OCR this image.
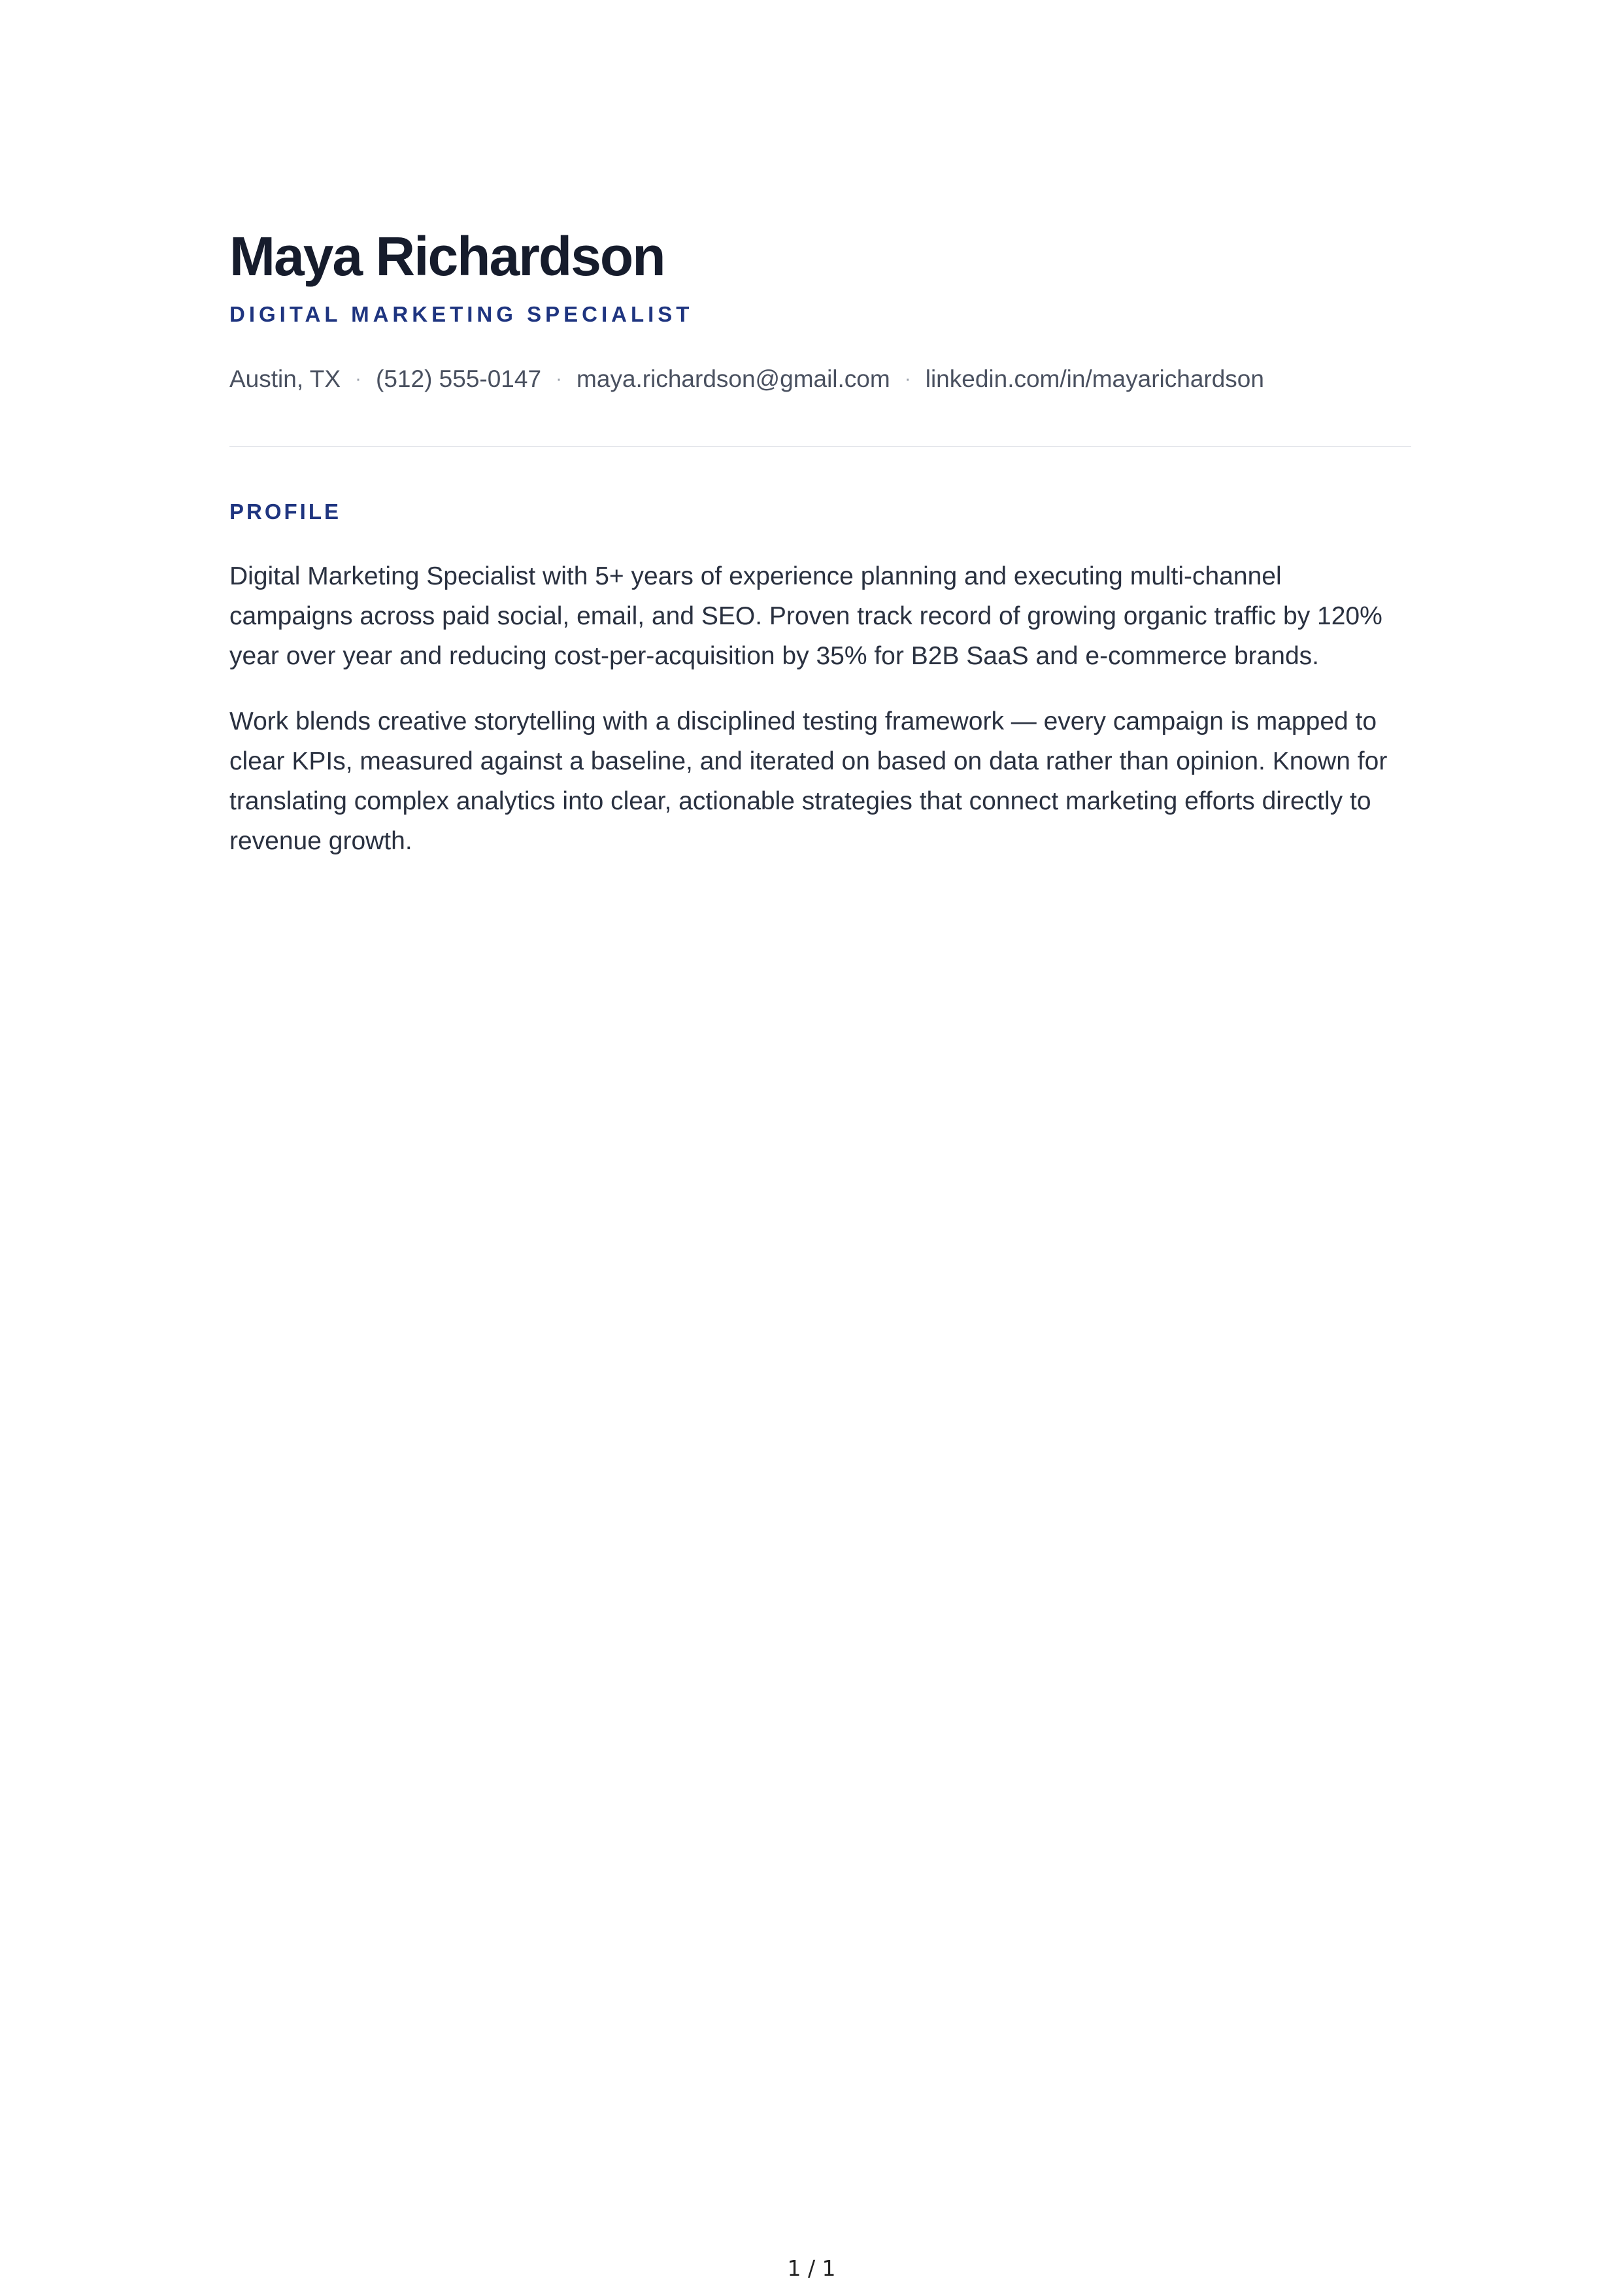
Maya Richardson
DIGITAL MARKETING SPECIALIST
Austin, TX · (512) 555-0147 · maya.richardson@gmail.com · linkedin.com/in/mayarichardson
PROFILE

Digital Marketing Specialist with 5+ years of experience planning and executing multi-channel campaigns across paid social, email, and SEO. Proven track record of growing organic traffic by 120% year over year and reducing cost-per-acquisition by 35% for B2B SaaS and e-commerce brands.

Work blends creative storytelling with a disciplined testing framework — every campaign is mapped to clear KPIs, measured against a baseline, and iterated on based on data rather than opinion. Known for translating complex analytics into clear, actionable strategies that connect marketing efforts directly to revenue growth.

1 / 1
